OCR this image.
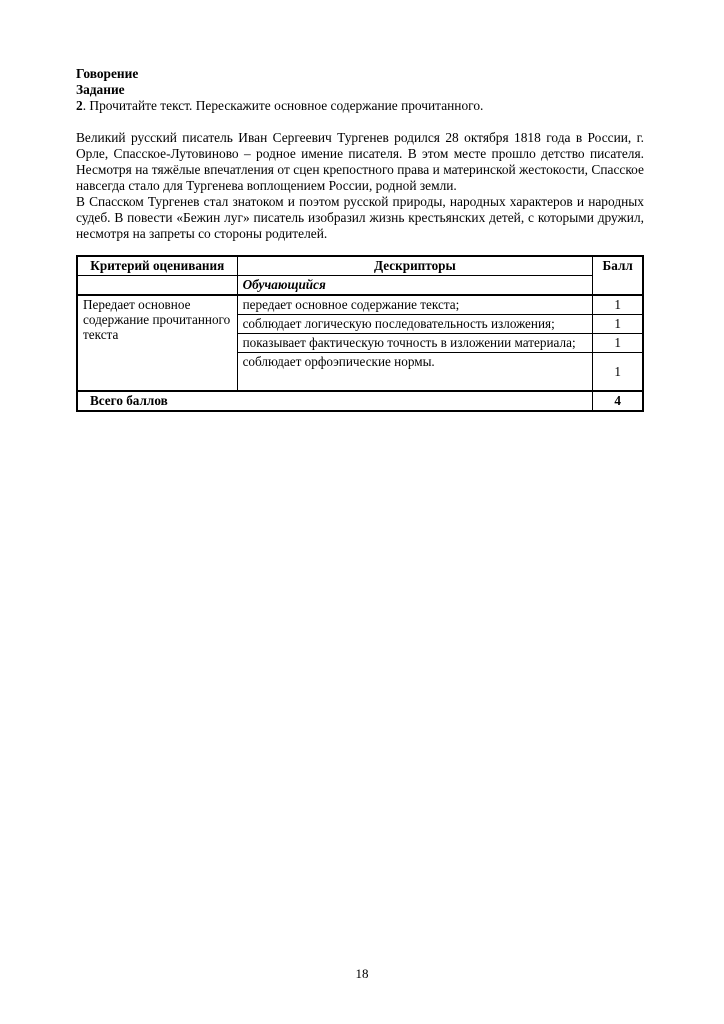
Говорение
Задание
2. Прочитайте текст. Перескажите основное содержание прочитанного.
Великий русский писатель Иван Сергеевич Тургенев родился 28 октября 1818 года в России, г. Орле, Спасское-Лутовиново – родное имение писателя. В этом месте прошло детство писателя. Несмотря на тяжёлые впечатления от сцен крепостного права и материнской жестокости, Спасское навсегда стало для Тургенева воплощением России, родной земли.
В Спасском Тургенев стал знатоком и поэтом русской природы, народных характеров и народных судеб. В повести «Бежин луг» писатель изобразил жизнь крестьянских детей, с которыми дружил, несмотря на запреты со стороны родителей.
Критерий оценивания	Дескрипторы	Балл
	Обучающийся	
Передает основное содержание прочитанного текста	передает основное содержание текста;	1
	соблюдает логическую последовательность изложения;	1
	показывает фактическую точность в изложении материала;	1
	соблюдает орфоэпические нормы.	1
Всего баллов		4
18
